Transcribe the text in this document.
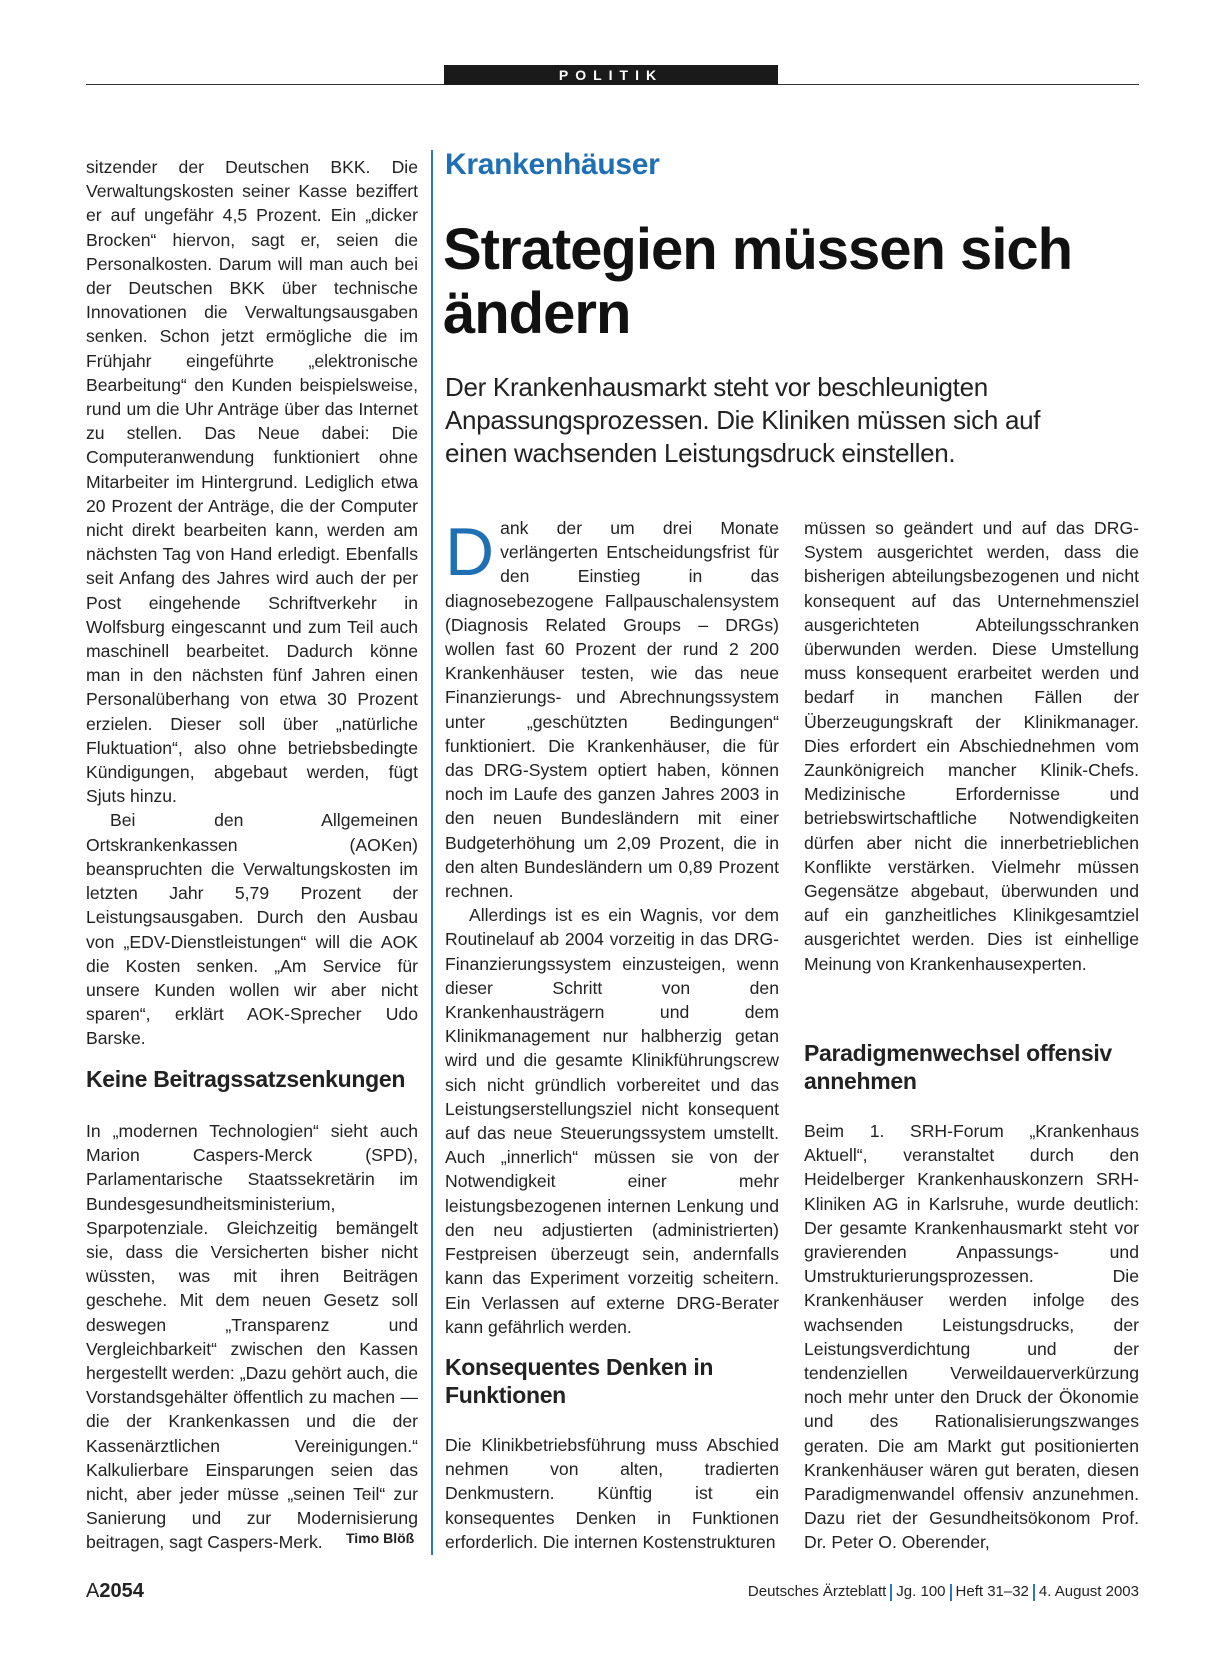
POLITIK

sitzender der Deutschen BKK. Die Verwaltungskosten seiner Kasse beziffert er auf ungefähr 4,5 Prozent. Ein „dicker Brocken“ hiervon, sagt er, seien die Personalkosten. Darum will man auch bei der Deutschen BKK über technische Innovationen die Verwaltungsausgaben senken. Schon jetzt ermögliche die im Frühjahr eingeführte „elektronische Bearbeitung“ den Kunden beispielsweise, rund um die Uhr Anträge über das Internet zu stellen. Das Neue dabei: Die Computeranwendung funktioniert ohne Mitarbeiter im Hintergrund. Lediglich etwa 20 Prozent der Anträge, die der Computer nicht direkt bearbeiten kann, werden am nächsten Tag von Hand erledigt. Ebenfalls seit Anfang des Jahres wird auch der per Post eingehende Schriftverkehr in Wolfsburg eingescannt und zum Teil auch maschinell bearbeitet. Dadurch könne man in den nächsten fünf Jahren einen Personalüberhang von etwa 30 Prozent erzielen. Dieser soll über „natürliche Fluktuation“, also ohne betriebsbedingte Kündigungen, abgebaut werden, fügt Sjuts hinzu.

Bei den Allgemeinen Ortskrankenkassen (AOKen) beanspruchten die Verwaltungskosten im letzten Jahr 5,79 Prozent der Leistungsausgaben. Durch den Ausbau von „EDV-Dienstleistungen“ will die AOK die Kosten senken. „Am Service für unsere Kunden wollen wir aber nicht sparen“, erklärt AOK-Sprecher Udo Barske.

Keine Beitragssatzsenkungen

In „modernen Technologien“ sieht auch Marion Caspers-Merck (SPD), Parlamentarische Staatssekretärin im Bundesgesundheitsministerium, Sparpotenziale. Gleichzeitig bemängelt sie, dass die Versicherten bisher nicht wüssten, was mit ihren Beiträgen geschehe. Mit dem neuen Gesetz soll deswegen „Transparenz und Vergleichbarkeit“ zwischen den Kassen hergestellt werden: „Dazu gehört auch, die Vorstandsgehälter öffentlich zu machen — die der Krankenkassen und die der Kassenärztlichen Vereinigungen.“ Kalkulierbare Einsparungen seien das nicht, aber jeder müsse „seinen Teil“ zur Sanierung und zur Modernisierung beitragen, sagt Caspers-Merk.	Timo Blöß
Krankenhäuser
Strategien müssen sich ändern

Der Krankenhausmarkt steht vor beschleunigten Anpassungsprozessen. Die Kliniken müssen sich auf einen wachsenden Leistungsdruck einstellen.

Dank der um drei Monate verlängerten Entscheidungsfrist für den Einstieg in das diagnosebezogene Fallpauschalensystem (Diagnosis Related Groups – DRGs) wollen fast 60 Prozent der rund 2 200 Krankenhäuser testen, wie das neue Finanzierungs- und Abrechnungssystem unter „geschützten Bedingungen“ funktioniert. Die Krankenhäuser, die für das DRG-System optiert haben, können noch im Laufe des ganzen Jahres 2003 in den neuen Bundesländern mit einer Budgeterhöhung um 2,09 Prozent, die in den alten Bundesländern um 0,89 Prozent rechnen.

Allerdings ist es ein Wagnis, vor dem Routinelauf ab 2004 vorzeitig in das DRG-Finanzierungssystem einzusteigen, wenn dieser Schritt von den Krankenhausträgern und dem Klinikmanagement nur halbherzig getan wird und die gesamte Klinikführungscrew sich nicht gründlich vorbereitet und das Leistungserstellungsziel nicht konsequent auf das neue Steuerungssystem umstellt. Auch „innerlich“ müssen sie von der Notwendigkeit einer mehr leistungsbezogenen internen Lenkung und den neu adjustierten (administrierten) Festpreisen überzeugt sein, andernfalls kann das Experiment vorzeitig scheitern. Ein Verlassen auf externe DRG-Berater kann gefährlich werden.

Konsequentes Denken in Funktionen

Die Klinikbetriebsführung muss Abschied nehmen von alten, tradierten Denkmustern. Künftig ist ein konsequentes Denken in Funktionen erforderlich. Die internen Kostenstrukturen

müssen so geändert und auf das DRG-System ausgerichtet werden, dass die bisherigen abteilungsbezogenen und nicht konsequent auf das Unternehmensziel ausgerichteten Abteilungsschranken überwunden werden. Diese Umstellung muss konsequent erarbeitet werden und bedarf in manchen Fällen der Überzeugungskraft der Klinikmanager. Dies erfordert ein Abschiednehmen vom Zaunkönigreich mancher Klinik-Chefs. Medizinische Erfordernisse und betriebswirtschaftliche Notwendigkeiten dürfen aber nicht die innerbetrieblichen Konflikte verstärken. Vielmehr müssen Gegensätze abgebaut, überwunden und auf ein ganzheitliches Klinikgesamtziel ausgerichtet werden. Dies ist einhellige Meinung von Krankenhausexperten.

Paradigmenwechsel offensiv annehmen

Beim 1. SRH-Forum „Krankenhaus Aktuell“, veranstaltet durch den Heidelberger Krankenhauskonzern SRH-Kliniken AG in Karlsruhe, wurde deutlich: Der gesamte Krankenhausmarkt steht vor gravierenden Anpassungs- und Umstrukturierungsprozessen. Die Krankenhäuser werden infolge des wachsenden Leistungsdrucks, der Leistungsverdichtung und der tendenziellen Verweildauerverkürzung noch mehr unter den Druck der Ökonomie und des Rationalisierungszwanges geraten. Die am Markt gut positionierten Krankenhäuser wären gut beraten, diesen Paradigmenwandel offensiv anzunehmen. Dazu riet der Gesundheitsökonom Prof. Dr. Peter O. Oberender,

A2054	Deutsches Ärzteblatt Jg. 100 Heft 31–32 4. August 2003
